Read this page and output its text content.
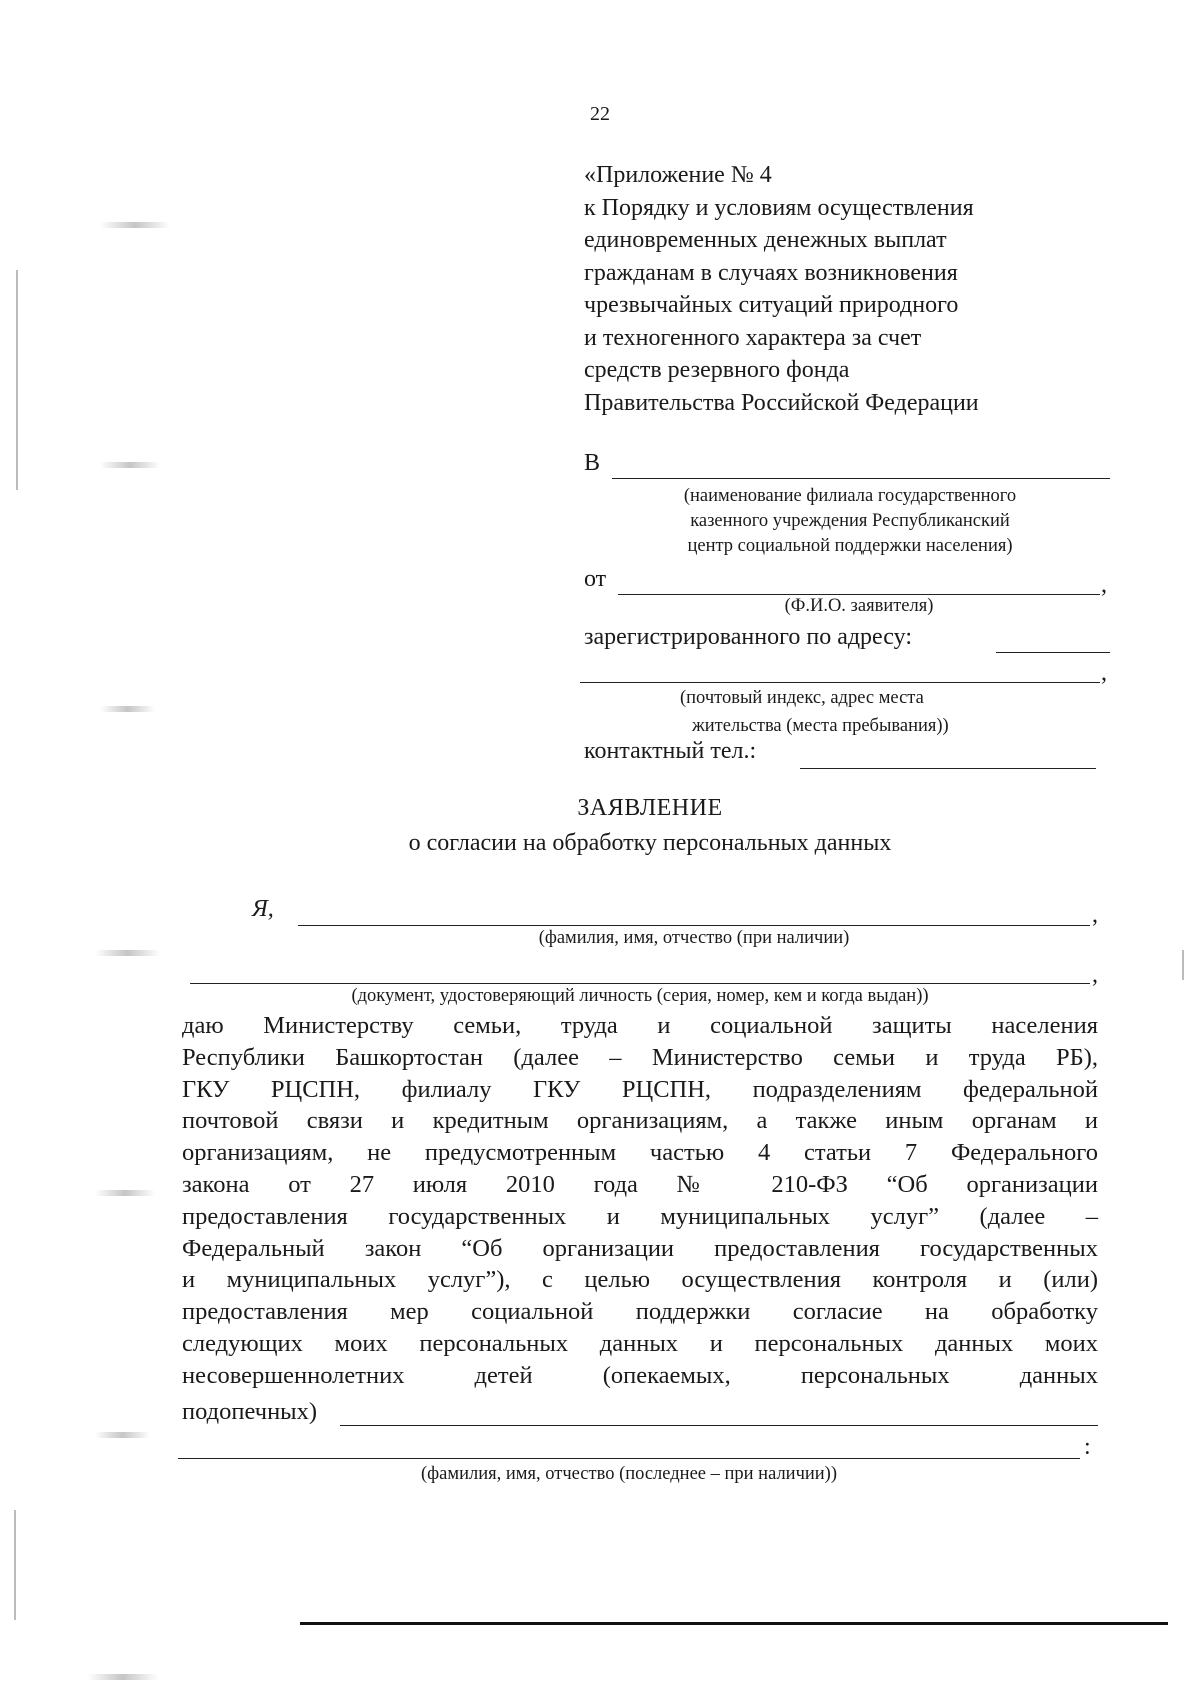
22
«Приложение № 4
к Порядку и условиям осуществления
единовременных денежных выплат
гражданам в случаях возникновения
чрезвычайных ситуаций природного
и техногенного характера за счет
средств резервного фонда
Правительства Российской Федерации
В
(наименование филиала государственного
казенного учреждения Республиканский
центр социальной поддержки населения)
от	,
(Ф.И.О. заявителя)
зарегистрированного по адресу:
,
(почтовый индекс, адрес места
жительства (места пребывания))
контактный тел.:
ЗАЯВЛЕНИЕ
о согласии на обработку персональных данных
Я,	,
(фамилия, имя, отчество (при наличии)
,
(документ, удостоверяющий личность (серия, номер, кем и когда выдан))
даю Министерству семьи, труда и социальной защиты населения
Республики Башкортостан (далее – Министерство семьи и труда РБ),
ГКУ РЦСПН, филиалу ГКУ РЦСПН, подразделениям федеральной
почтовой связи и кредитным организациям, а также иным органам и
организациям, не предусмотренным частью 4 статьи 7 Федерального
закона от 27 июля 2010 года № 210-ФЗ “Об организации
предоставления государственных и муниципальных услуг” (далее –
Федеральный закон “Об организации предоставления государственных
и муниципальных услуг”), с целью осуществления контроля и (или)
предоставления мер социальной поддержки согласие на обработку
следующих моих персональных данных и персональных данных моих
несовершеннолетних детей (опекаемых, персональных данных
подопечных)
:
(фамилия, имя, отчество (последнее – при наличии))
